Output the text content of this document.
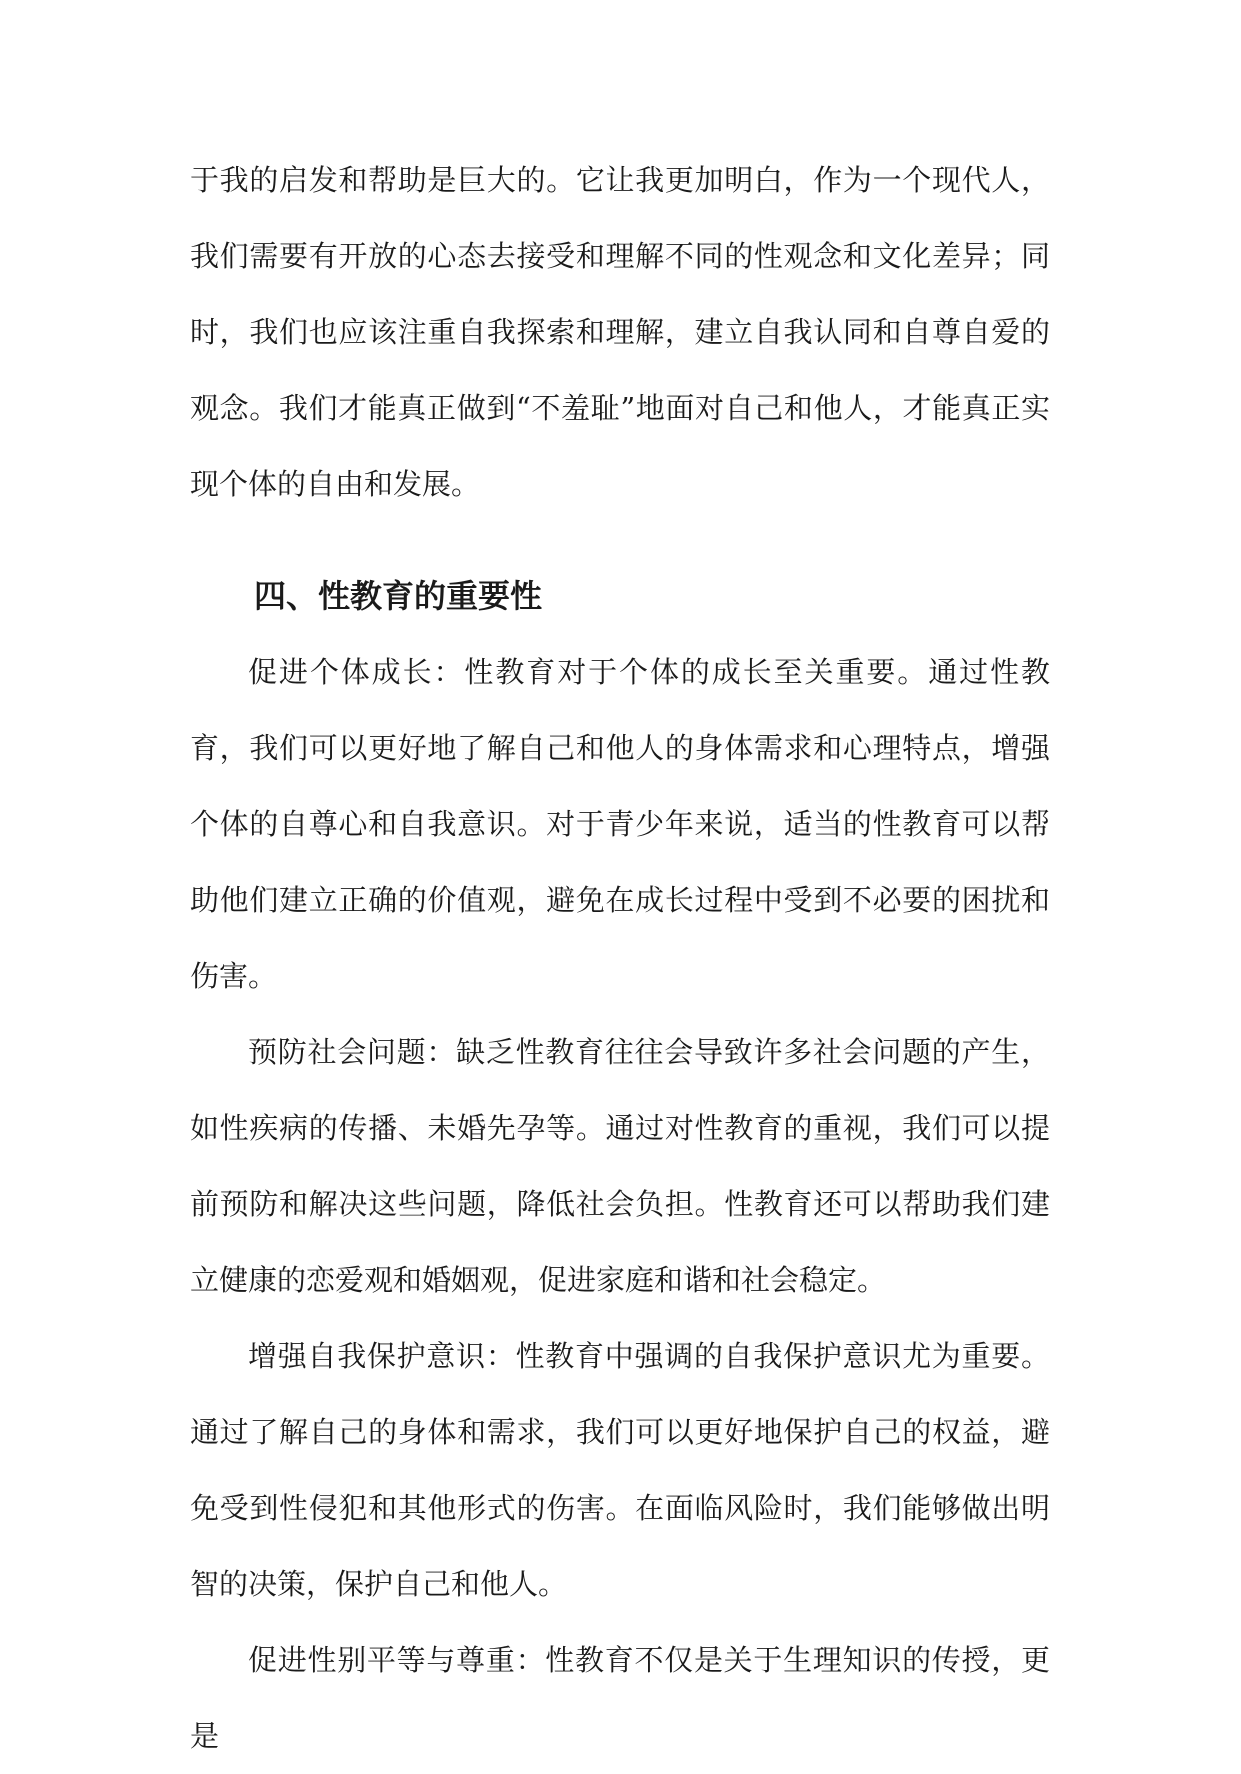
于我的启发和帮助是巨大的。它让我更加明白，作为一个现代人，我们需要有开放的心态去接受和理解不同的性观念和文化差异；同时，我们也应该注重自我探索和理解，建立自我认同和自尊自爱的观念。我们才能真正做到“不羞耻”地面对自己和他人，才能真正实现个体的自由和发展。

四、性教育的重要性

促进个体成长：性教育对于个体的成长至关重要。通过性教育，我们可以更好地了解自己和他人的身体需求和心理特点，增强个体的自尊心和自我意识。对于青少年来说，适当的性教育可以帮助他们建立正确的价值观，避免在成长过程中受到不必要的困扰和伤害。

预防社会问题：缺乏性教育往往会导致许多社会问题的产生，如性疾病的传播、未婚先孕等。通过对性教育的重视，我们可以提前预防和解决这些问题，降低社会负担。性教育还可以帮助我们建立健康的恋爱观和婚姻观，促进家庭和谐和社会稳定。

增强自我保护意识：性教育中强调的自我保护意识尤为重要。通过了解自己的身体和需求，我们可以更好地保护自己的权益，避免受到性侵犯和其他形式的伤害。在面临风险时，我们能够做出明智的决策，保护自己和他人。

促进性别平等与尊重：性教育不仅是关于生理知识的传授，更是
